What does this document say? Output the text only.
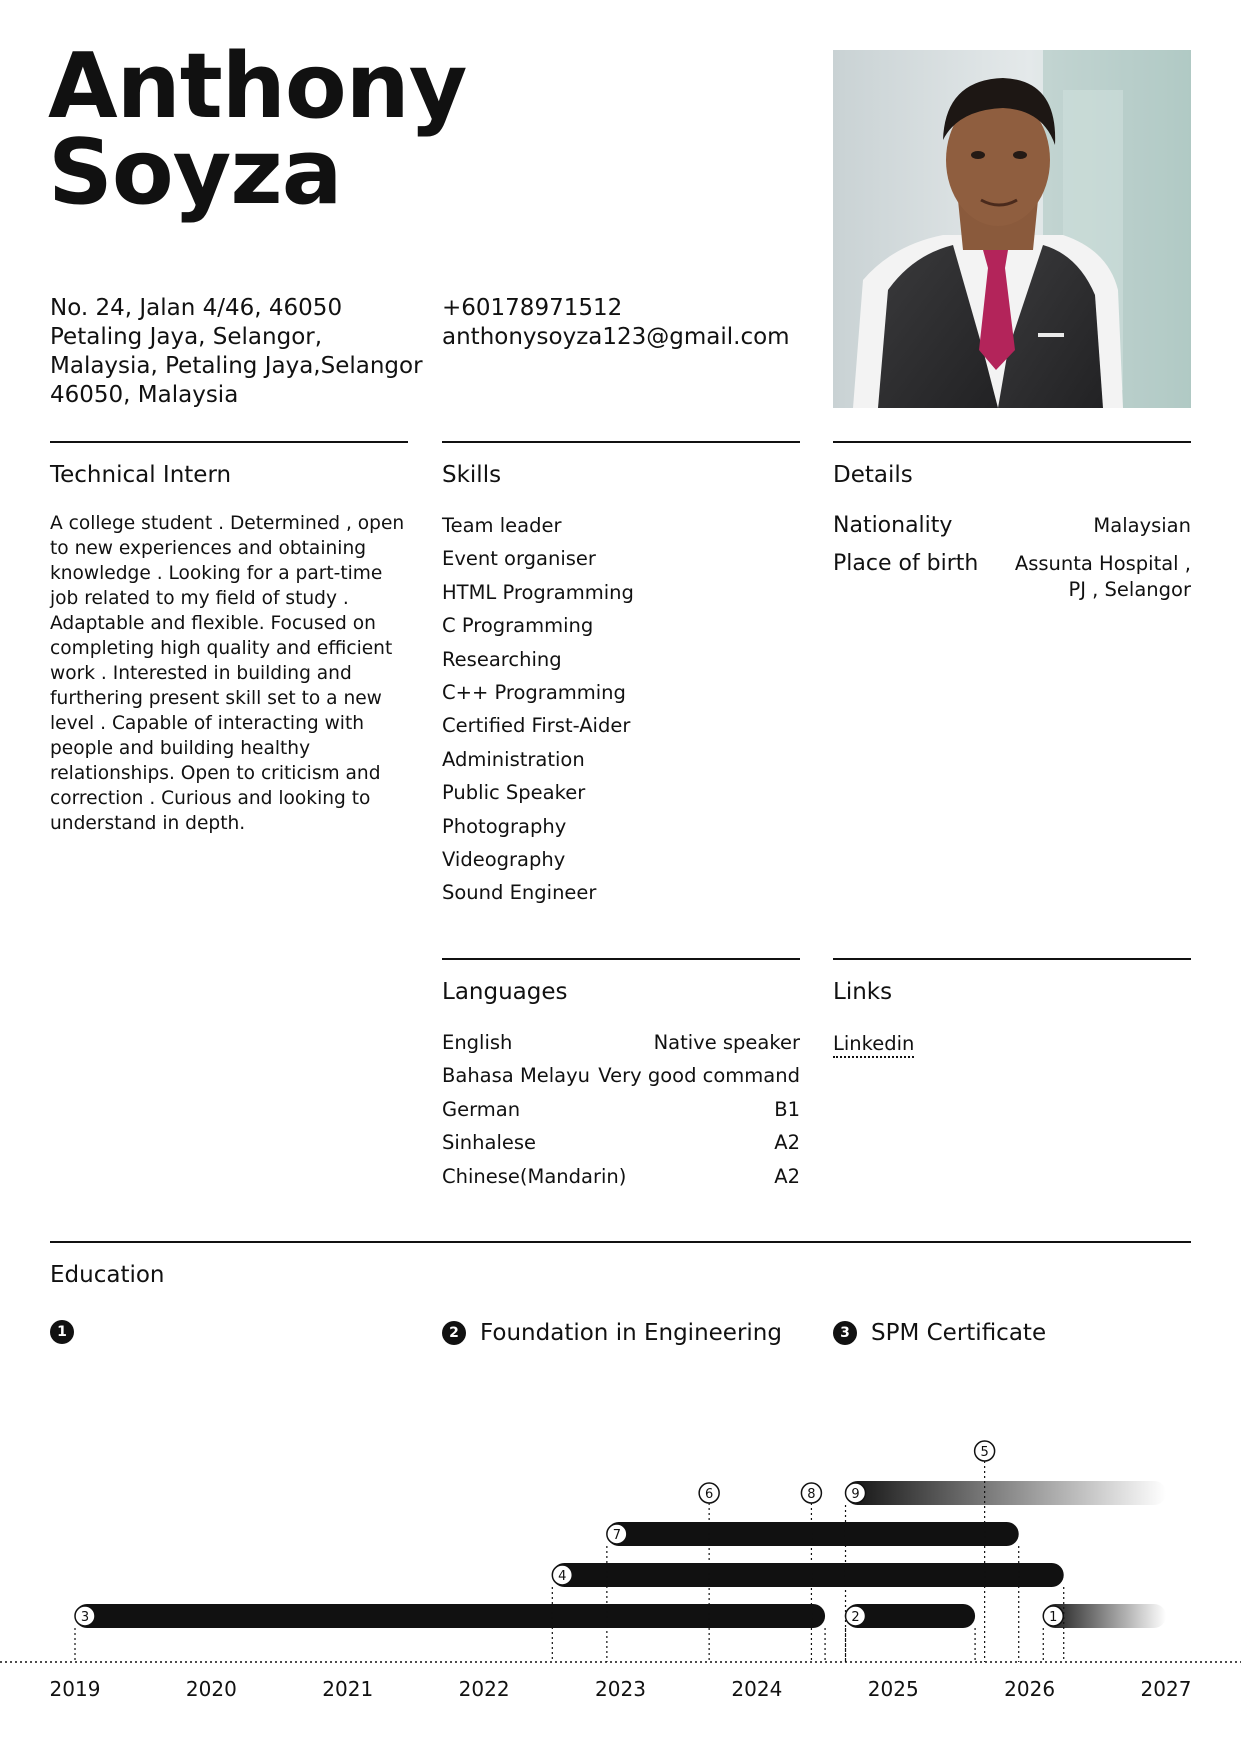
Anthony
Soyza
No. 24, Jalan 4/46, 46050
Petaling Jaya, Selangor,
Malaysia, Petaling Jaya,Selangor
46050, Malaysia
+60178971512
anthonysoyza123@gmail.com
Technical Intern

A college student . Determined , open to new experiences and obtaining knowledge . Looking for a part-time job related to my field of study . Adaptable and flexible. Focused on completing high quality and efficient work . Interested in building and furthering present skill set to a new level . Capable of interacting with people and building healthy relationships. Open to criticism and correction . Curious and looking to understand in depth.

Skills
Team leader
Event organiser
HTML Programming
C Programming
Researching
C++ Programming
Certified First-Aider
Administration
Public Speaker
Photography
Videography
Sound Engineer
Details
Nationality	Malaysian
Place of birth	Assunta Hospital , PJ , Selangor
Languages
English	Native speaker
Bahasa Melayu Very good command
German	B1
Sinhalese	A2
Chinese(Mandarin)	A2
Links
Linkedin
Education
1	2 Foundation in Engineering	3 SPM Certificate
2019	2020	2021	2022	2023	2024	2025	2026	2027
3	2	1
4
7
9
6	8
5
